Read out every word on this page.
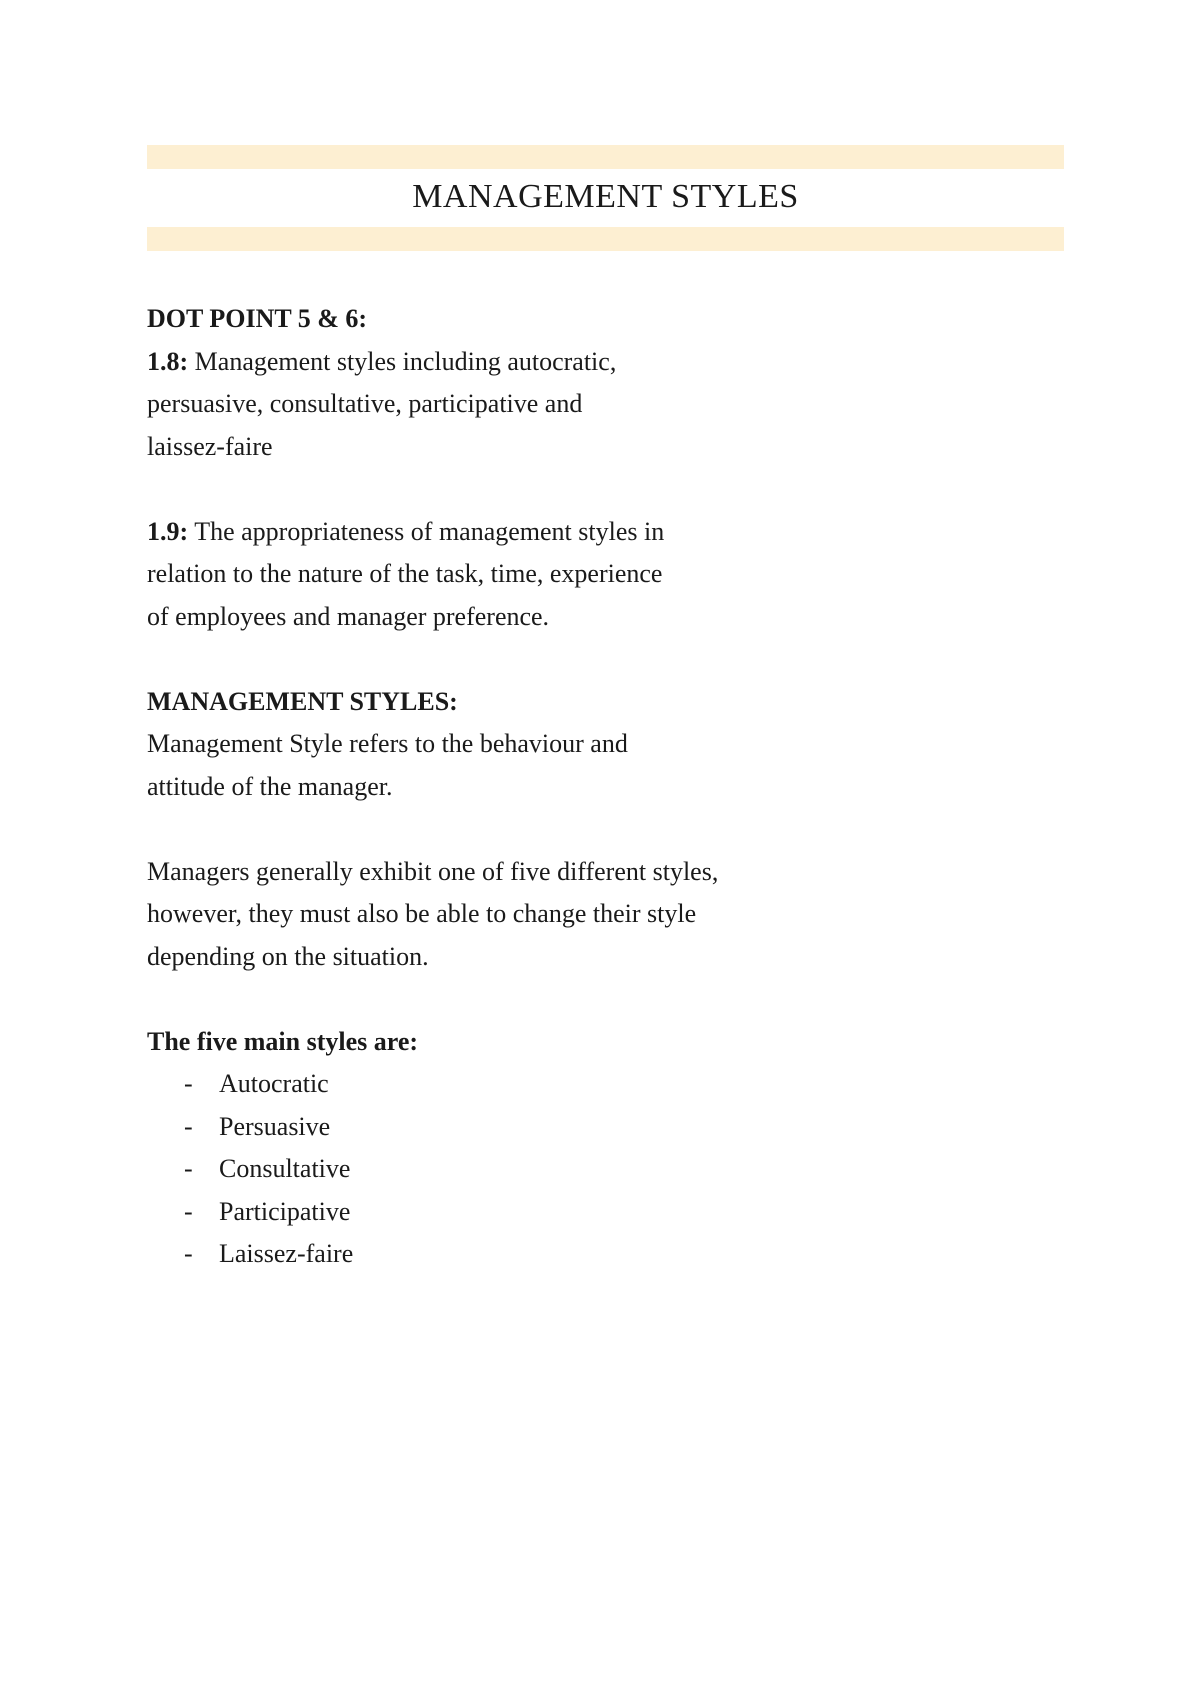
MANAGEMENT STYLES

DOT POINT 5 & 6:

1.8: Management styles including autocratic,

persuasive, consultative, participative and

laissez-faire

1.9: The appropriateness of management styles in

relation to the nature of the task, time, experience

of employees and manager preference.

MANAGEMENT STYLES:

Management Style refers to the behaviour and

attitude of the manager.

Managers generally exhibit one of five different styles,

however, they must also be able to change their style

depending on the situation.

The five main styles are:

- Autocratic
- Persuasive
- Consultative
- Participative
- Laissez-faire
